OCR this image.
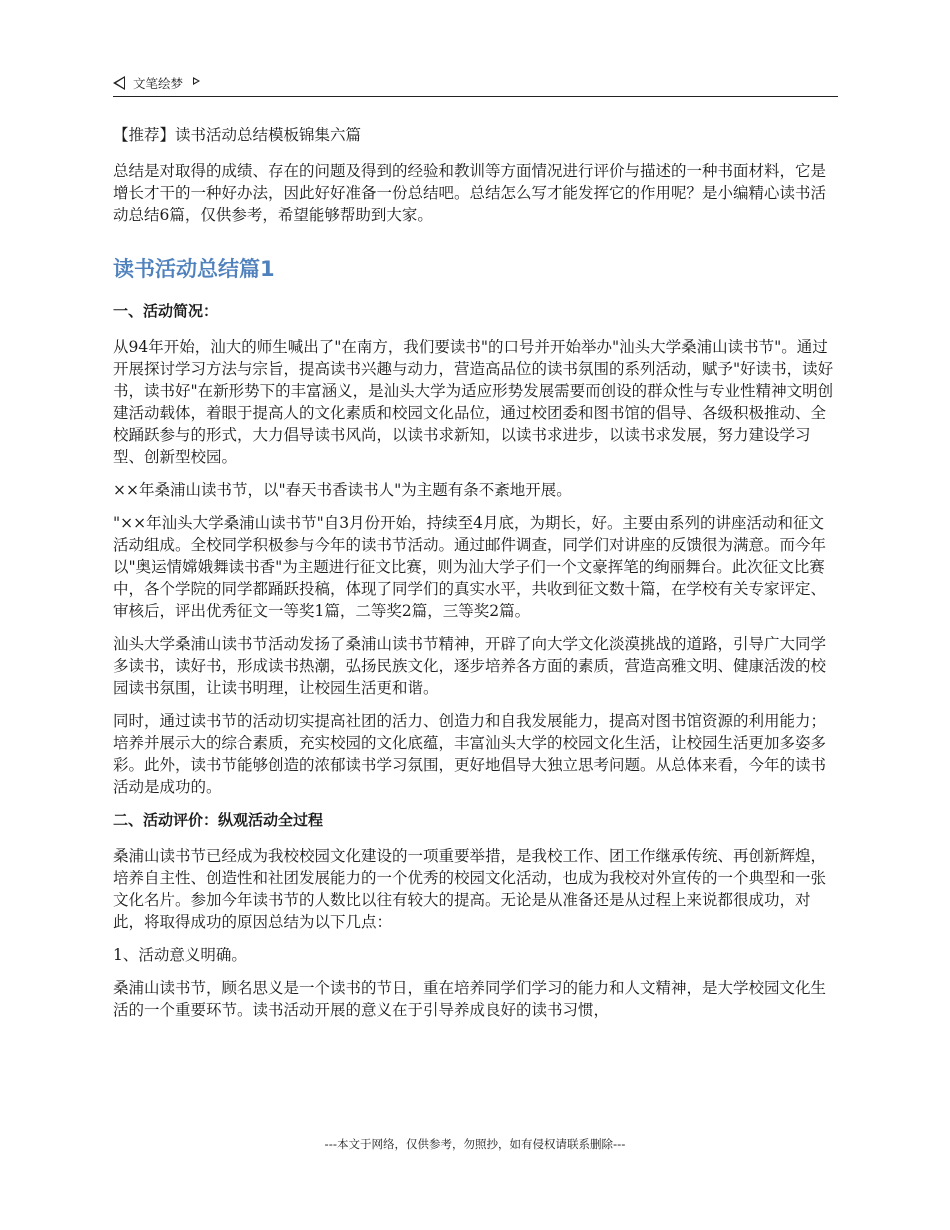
文笔绘梦

【推荐】读书活动总结模板锦集六篇

总结是对取得的成绩、存在的问题及得到的经验和教训等方面情况进行评价与描述的一种书面材料，它是增长才干的一种好办法，因此好好准备一份总结吧。总结怎么写才能发挥它的作用呢？是小编精心读书活动总结6篇，仅供参考，希望能够帮助到大家。

读书活动总结篇1
一、活动简况：

从94年开始，汕大的师生喊出了"在南方，我们要读书"的口号并开始举办"汕头大学桑浦山读书节"。通过开展探讨学习方法与宗旨，提高读书兴趣与动力，营造高品位的读书氛围的系列活动，赋予"好读书，读好书，读书好"在新形势下的丰富涵义，是汕头大学为适应形势发展需要而创设的群众性与专业性精神文明创建活动载体，着眼于提高人的文化素质和校园文化品位，通过校团委和图书馆的倡导、各级积极推动、全校踊跃参与的形式，大力倡导读书风尚，以读书求新知，以读书求进步，以读书求发展，努力建设学习型、创新型校园。

××年桑浦山读书节，以"春天书香读书人"为主题有条不紊地开展。

"××年汕头大学桑浦山读书节"自3月份开始，持续至4月底，为期长，好。主要由系列的讲座活动和征文活动组成。全校同学积极参与今年的读书节活动。通过邮件调查，同学们对讲座的反馈很为满意。而今年以"奥运情嫦娥舞读书香"为主题进行征文比赛，则为汕大学子们一个文豪挥笔的绚丽舞台。此次征文比赛中，各个学院的同学都踊跃投稿，体现了同学们的真实水平，共收到征文数十篇，在学校有关专家评定、审核后，评出优秀征文一等奖1篇，二等奖2篇，三等奖2篇。

汕头大学桑浦山读书节活动发扬了桑浦山读书节精神，开辟了向大学文化淡漠挑战的道路，引导广大同学多读书，读好书，形成读书热潮，弘扬民族文化，逐步培养各方面的素质，营造高雅文明、健康活泼的校园读书氛围，让读书明理，让校园生活更和谐。

同时，通过读书节的活动切实提高社团的活力、创造力和自我发展能力，提高对图书馆资源的利用能力；培养并展示大的综合素质，充实校园的文化底蕴，丰富汕头大学的校园文化生活，让校园生活更加多姿多彩。此外，读书节能够创造的浓郁读书学习氛围，更好地倡导大独立思考问题。从总体来看，今年的读书活动是成功的。

二、活动评价：纵观活动全过程

桑浦山读书节已经成为我校校园文化建设的一项重要举措，是我校工作、团工作继承传统、再创新辉煌，培养自主性、创造性和社团发展能力的一个优秀的校园文化活动，也成为我校对外宣传的一个典型和一张文化名片。参加今年读书节的人数比以往有较大的提高。无论是从准备还是从过程上来说都很成功，对此，将取得成功的原因总结为以下几点：

1、活动意义明确。

桑浦山读书节，顾名思义是一个读书的节日，重在培养同学们学习的能力和人文精神，是大学校园文化生活的一个重要环节。读书活动开展的意义在于引导养成良好的读书习惯，

---本文于网络，仅供参考，勿照抄，如有侵权请联系删除---
